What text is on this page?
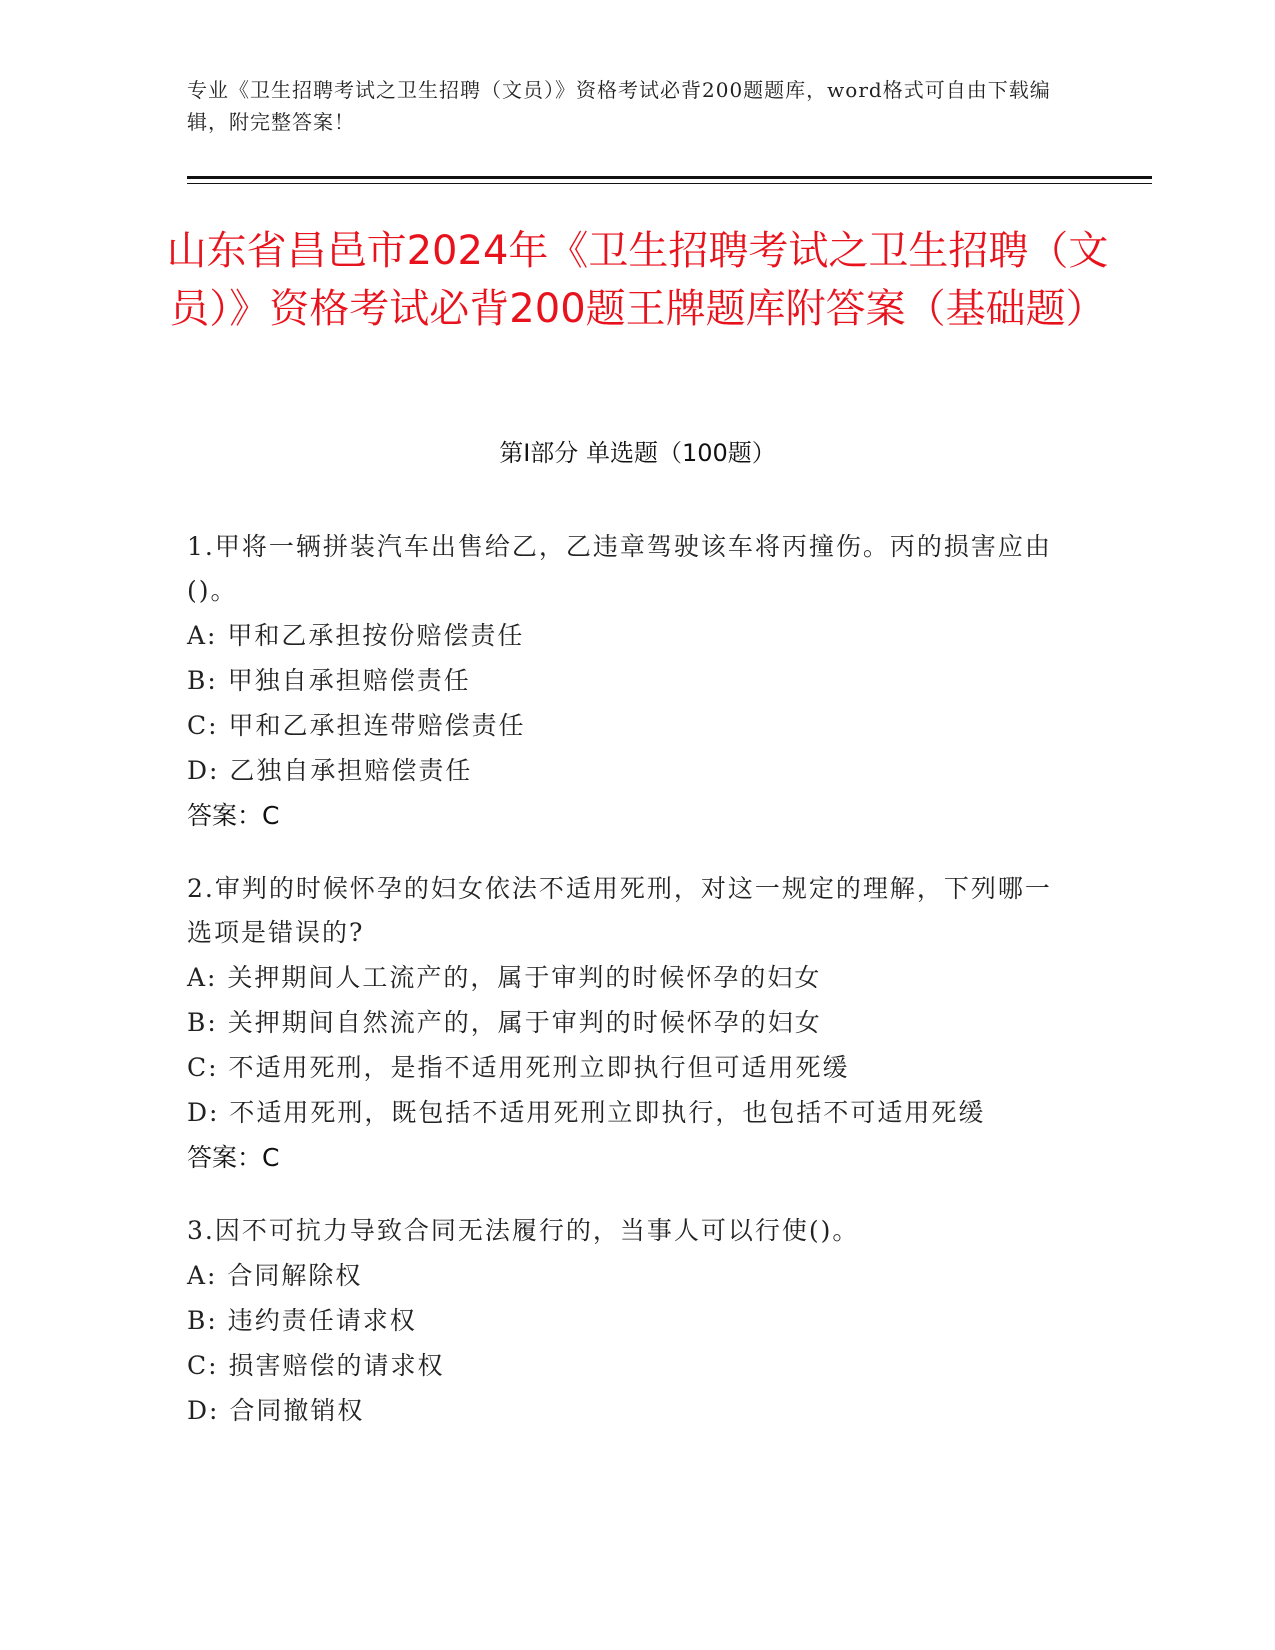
专业《卫生招聘考试之卫生招聘（文员）》资格考试必背200题题库，word格式可自由下载编辑，附完整答案！
山东省昌邑市2024年《卫生招聘考试之卫生招聘（文员）》资格考试必背200题王牌题库附答案（基础题）
第I部分 单选题（100题）
1.甲将一辆拼装汽车出售给乙，乙违章驾驶该车将丙撞伤。丙的损害应由()。
A: 甲和乙承担按份赔偿责任
B: 甲独自承担赔偿责任
C: 甲和乙承担连带赔偿责任
D: 乙独自承担赔偿责任
答案：C
2.审判的时候怀孕的妇女依法不适用死刑，对这一规定的理解，下列哪一选项是错误的?
A: 关押期间人工流产的，属于审判的时候怀孕的妇女
B: 关押期间自然流产的，属于审判的时候怀孕的妇女
C: 不适用死刑，是指不适用死刑立即执行但可适用死缓
D: 不适用死刑，既包括不适用死刑立即执行，也包括不可适用死缓
答案：C
3.因不可抗力导致合同无法履行的，当事人可以行使()。
A: 合同解除权
B: 违约责任请求权
C: 损害赔偿的请求权
D: 合同撤销权
